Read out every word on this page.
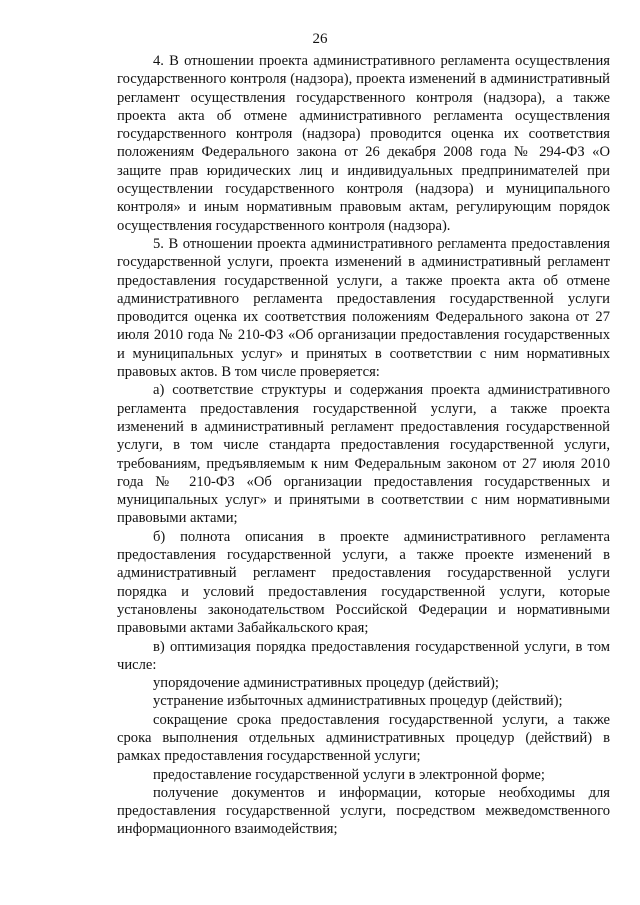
26

4. В отношении проекта административного регламента осуществления государственного контроля (надзора), проекта изменений в административный регламент осуществления государственного контроля (надзора), а также проекта акта об отмене административного регламента осуществления государственного контроля (надзора) проводится оценка их соответствия положениям Федерального закона от 26 декабря 2008 года № 294-ФЗ «О защите прав юридических лиц и индивидуальных предпринимателей при осуществлении государственного контроля (надзора) и муниципального контроля» и иным нормативным правовым актам, регулирующим порядок осуществления государственного контроля (надзора).

5. В отношении проекта административного регламента предоставления государственной услуги, проекта изменений в административный регламент предоставления государственной услуги, а также проекта акта об отмене административного регламента предоставления государственной услуги проводится оценка их соответствия положениям Федерального закона от 27 июля 2010 года № 210-ФЗ «Об организации предоставления государственных и муниципальных услуг» и принятых в соответствии с ним нормативных правовых актов. В том числе проверяется:

а) соответствие структуры и содержания проекта административного регламента предоставления государственной услуги, а также проекта изменений в административный регламент предоставления государственной услуги, в том числе стандарта предоставления государственной услуги, требованиям, предъявляемым к ним Федеральным законом от 27 июля 2010 года № 210-ФЗ «Об организации предоставления государственных и муниципальных услуг» и принятыми в соответствии с ним нормативными правовыми актами;

б) полнота описания в проекте административного регламента предоставления государственной услуги, а также проекте изменений в административный регламент предоставления государственной услуги порядка и условий предоставления государственной услуги, которые установлены законодательством Российской Федерации и нормативными правовыми актами Забайкальского края;

в) оптимизация порядка предоставления государственной услуги, в том числе:

упорядочение административных процедур (действий);

устранение избыточных административных процедур (действий);

сокращение срока предоставления государственной услуги, а также срока выполнения отдельных административных процедур (действий) в рамках предоставления государственной услуги;

предоставление государственной услуги в электронной форме;

получение документов и информации, которые необходимы для предоставления государственной услуги, посредством межведомственного информационного взаимодействия;
